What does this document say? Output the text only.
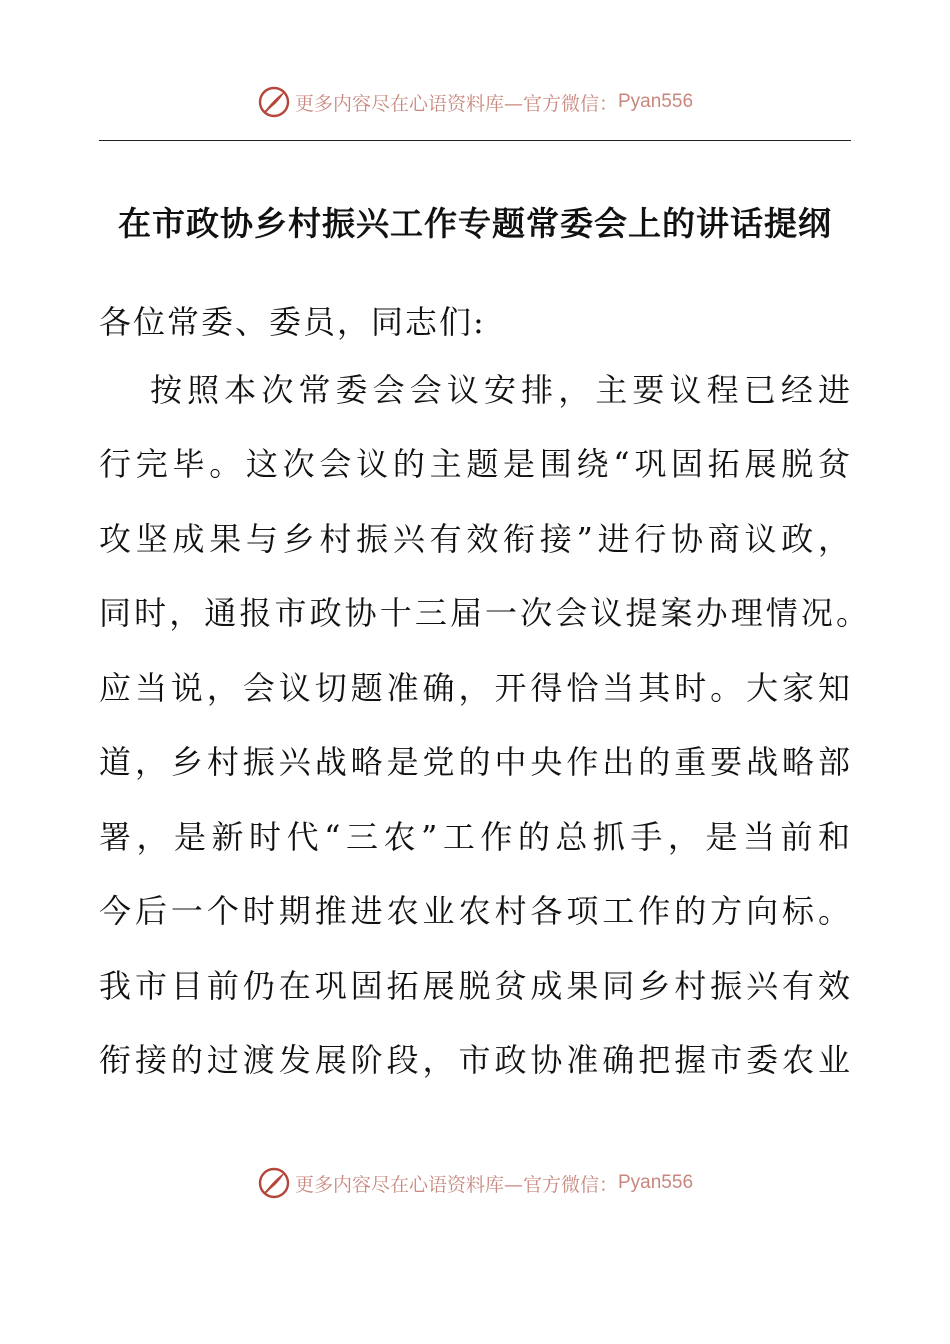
更多内容尽在心语资料库—官方微信： Pyan556
在市政协乡村振兴工作专题常委会上的讲话提纲
各位常委、委员，同志们:
按照本次常委会会议安排，主要议程已经进
行完毕。这次会议的主题是围绕“巩固拓展脱贫
攻坚成果与乡村振兴有效衔接”进行协商议政，
同时，通报市政协十三届一次会议提案办理情况。
应当说，会议切题准确，开得恰当其时。大家知
道，乡村振兴战略是党的中央作出的重要战略部
署，是新时代“三农”工作的总抓手，是当前和
今后一个时期推进农业农村各项工作的方向标。
我市目前仍在巩固拓展脱贫成果同乡村振兴有效
衔接的过渡发展阶段，市政协准确把握市委农业
更多内容尽在心语资料库—官方微信： Pyan556
